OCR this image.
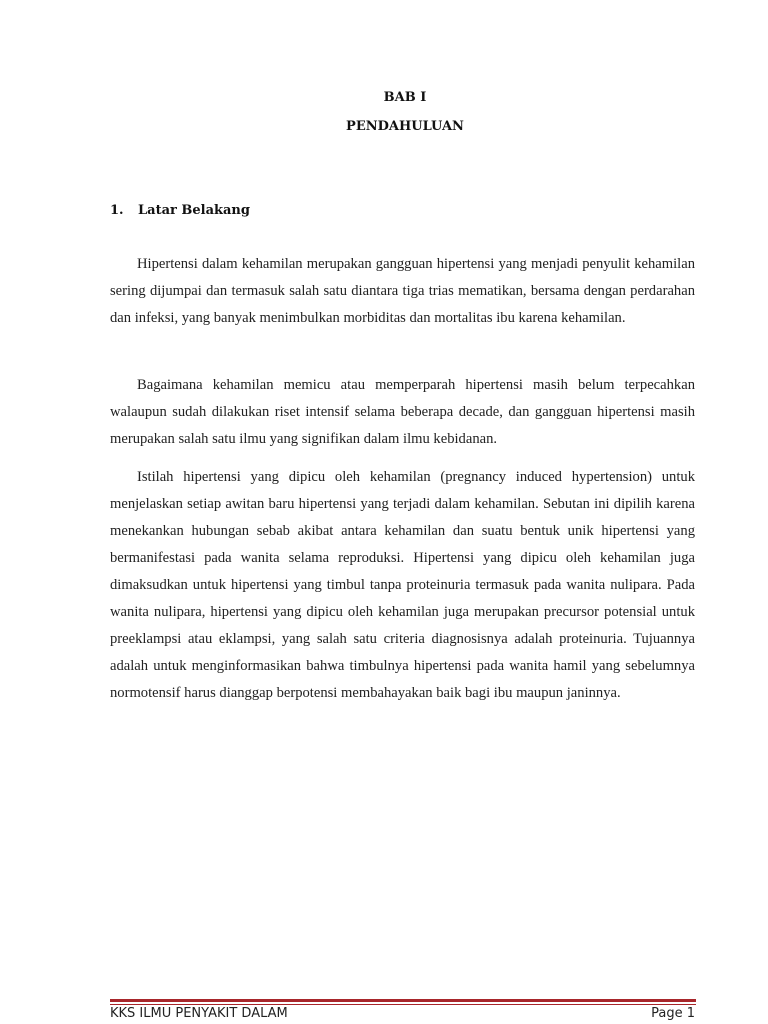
BAB I
PENDAHULUAN
1. Latar Belakang

Hipertensi dalam kehamilan merupakan gangguan hipertensi yang menjadi penyulit kehamilan sering dijumpai dan termasuk salah satu diantara tiga trias mematikan, bersama dengan perdarahan dan infeksi, yang banyak menimbulkan morbiditas dan mortalitas ibu karena kehamilan.

Bagaimana kehamilan memicu atau memperparah hipertensi masih belum terpecahkan walaupun sudah dilakukan riset intensif selama beberapa decade, dan gangguan hipertensi masih merupakan salah satu ilmu yang signifikan dalam ilmu kebidanan.

Istilah hipertensi yang dipicu oleh kehamilan (pregnancy induced hypertension) untuk menjelaskan setiap awitan baru hipertensi yang terjadi dalam kehamilan. Sebutan ini dipilih karena menekankan hubungan sebab akibat antara kehamilan dan suatu bentuk unik hipertensi yang bermanifestasi pada wanita selama reproduksi. Hipertensi yang dipicu oleh kehamilan juga dimaksudkan untuk hipertensi yang timbul tanpa proteinuria termasuk pada wanita nulipara. Pada wanita nulipara, hipertensi yang dipicu oleh kehamilan juga merupakan precursor potensial untuk preeklampsi atau eklampsi, yang salah satu criteria diagnosisnya adalah proteinuria. Tujuannya adalah untuk menginformasikan bahwa timbulnya hipertensi pada wanita hamil yang sebelumnya normotensif harus dianggap berpotensi membahayakan baik bagi ibu maupun janinnya.

KKS ILMU PENYAKIT DALAM	Page 1
